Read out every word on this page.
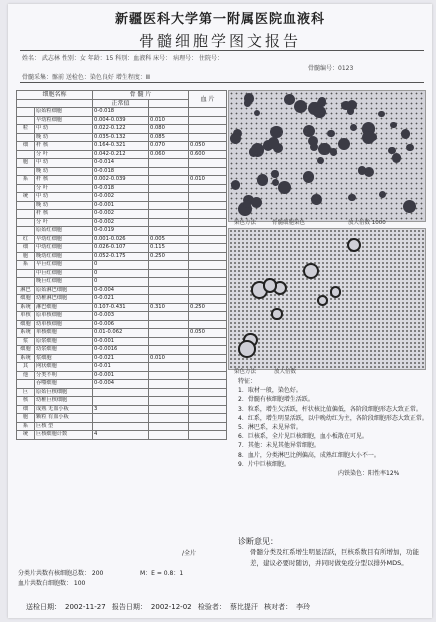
新疆医科大学第一附属医院血液科
骨髓细胞学图文报告
姓名： 武志林 性别：女 年龄：15 科别：血液科 床号： 病理号： 住院号：
骨髓编号：0123
骨髓采集：髂前 送检色：染色良好 增生程度：Ⅲ
染色方法	骨髓细胞染色	放大倍数 1000
染色方法	放大倍数
特征：
1．取材一般，染色好。
2．骨髓有核细胞增生活跃。
3．粒系，增生欠活跃，杆状核比值偏低，各阶段细胞形态大致正常。
4．红系，增生明显活跃，以中晚幼红为主，各阶段细胞形态大致正常。
5．淋巴系，未见异常。
6．巨核系，全片见巨核细胞，血小板散在可见。
7．其他：未见其他异常细胞。
8．血片，分类淋巴比例偏高，成熟红细胞大小不一。
9．片中巨核细胞。
内铁染色：阳性率12%
诊断意见：
骨髓分类及红系增生明显活跃，巨核系数目有所增加，功能差，建议必要时随访，并同时做免疫分型以排外MDS。
送检日期： 2002-11-27 报告日期： 2002-12-02 检验者： 蔡比提汗 核对者： 李玲
细胞名称		骨 髓 片		血 片
		正常值		
	原始粒细胞	0-0.018		
	早幼粒细胞	0.004-0.039	0.010	
粒	中 幼	0.022-0.122	0.080	
	晚 幼	0.035-0.132	0.085	
细	杆 核	0.164-0.321	0.070	0.050
	分 叶	0.042-0.212	0.060	0.600
胞	中 幼	0-0.014		
	晚 幼	0-0.018		
系	杆 核	0.002-0.039		0.010
	分 叶	0-0.018		
统	中 幼	0-0.002		
	晚 幼	0-0.001		
	杆 核	0-0.002		
	分 叶	0-0.002		
	原始红细胞	0-0.019		
红	早幼红细胞	0.001-0.026	0.005	
细	中幼红细胞	0.026-0.107	0.115	
胞	晚幼红细胞	0.052-0.175	0.250	
系	早巨红细胞	0		
	中巨红细胞	0		
	晚巨红细胞	0		
淋巴	原始淋巴细胞	0-0.004		
细胞	幼稚淋巴细胞	0-0.021		
系统	淋巴细胞	0.107-0.431	0.310	0.250
单核	原单核细胞	0-0.003		
细胞	幼单核细胞	0-0.006		
系统	单核细胞	0.01-0.062		0.050
浆	原浆细胞	0-0.001		
细胞	幼浆细胞	0-0.0016		
系统	浆细胞	0-0.021	0.010	
其	网状细胞	0-0.01		
他	分类不明	0-0.001		
	吞噬细胞	0-0.004		
巨	原始巨核细胞			
核	幼稚巨核细胞			
细	成熟 无血小板	3		
胞	颗粒 有血小板			
系	巨核 型			
统	巨核细胞计数	4		
分类片共数有核细胞总数： 200	M：E = 0.8：1
血片共数白细胞数： 100
/全片
